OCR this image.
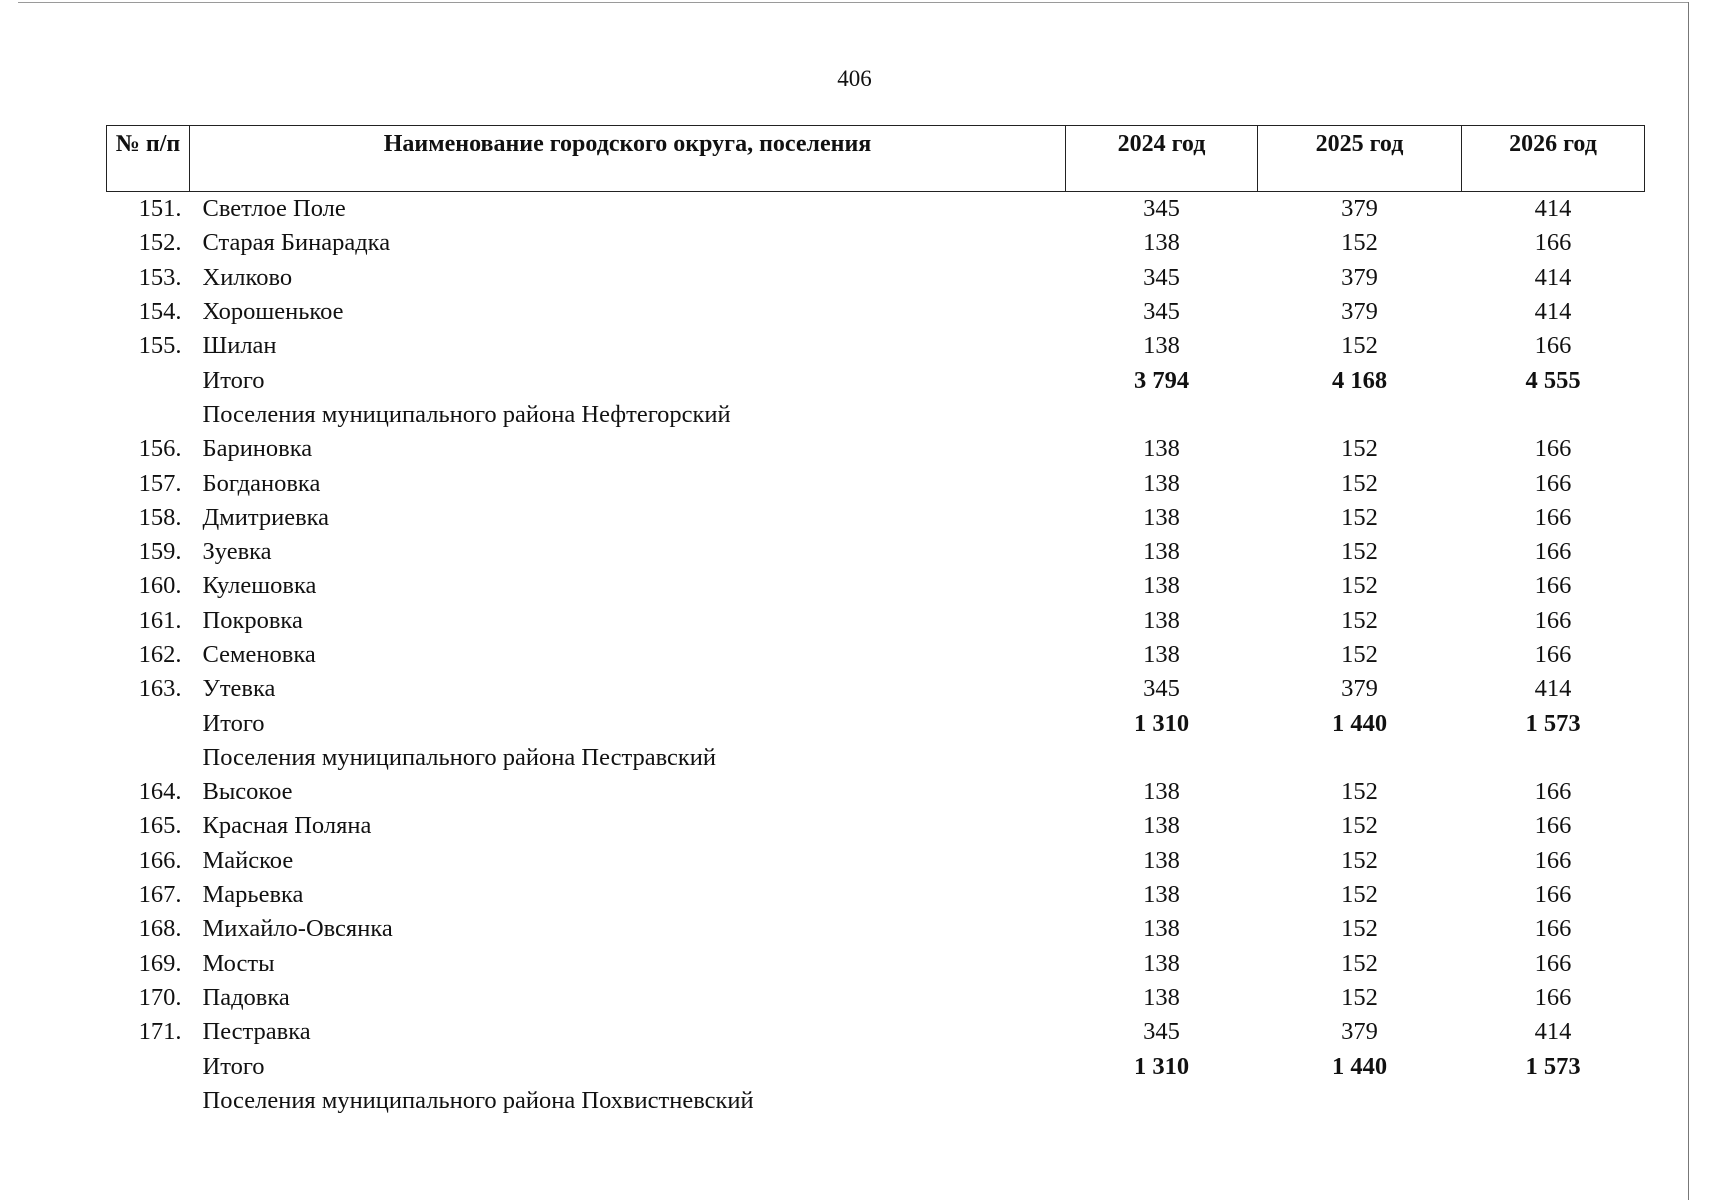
406
№ п/п	Наименование городского округа, поселения	2024 год	2025 год	2026 год
151.	Светлое Поле	345	379	414
152.	Старая Бинарадка	138	152	166
153.	Хилково	345	379	414
154.	Хорошенькое	345	379	414
155.	Шилан	138	152	166
	Итого	3 794	4 168	4 555
	Поселения муниципального района Нефтегорский			
156.	Бариновка	138	152	166
157.	Богдановка	138	152	166
158.	Дмитриевка	138	152	166
159.	Зуевка	138	152	166
160.	Кулешовка	138	152	166
161.	Покровка	138	152	166
162.	Семеновка	138	152	166
163.	Утевка	345	379	414
	Итого	1 310	1 440	1 573
	Поселения муниципального района Пестравский			
164.	Высокое	138	152	166
165.	Красная Поляна	138	152	166
166.	Майское	138	152	166
167.	Марьевка	138	152	166
168.	Михайло-Овсянка	138	152	166
169.	Мосты	138	152	166
170.	Падовка	138	152	166
171.	Пестравка	345	379	414
	Итого	1 310	1 440	1 573
	Поселения муниципального района Похвистневский			
